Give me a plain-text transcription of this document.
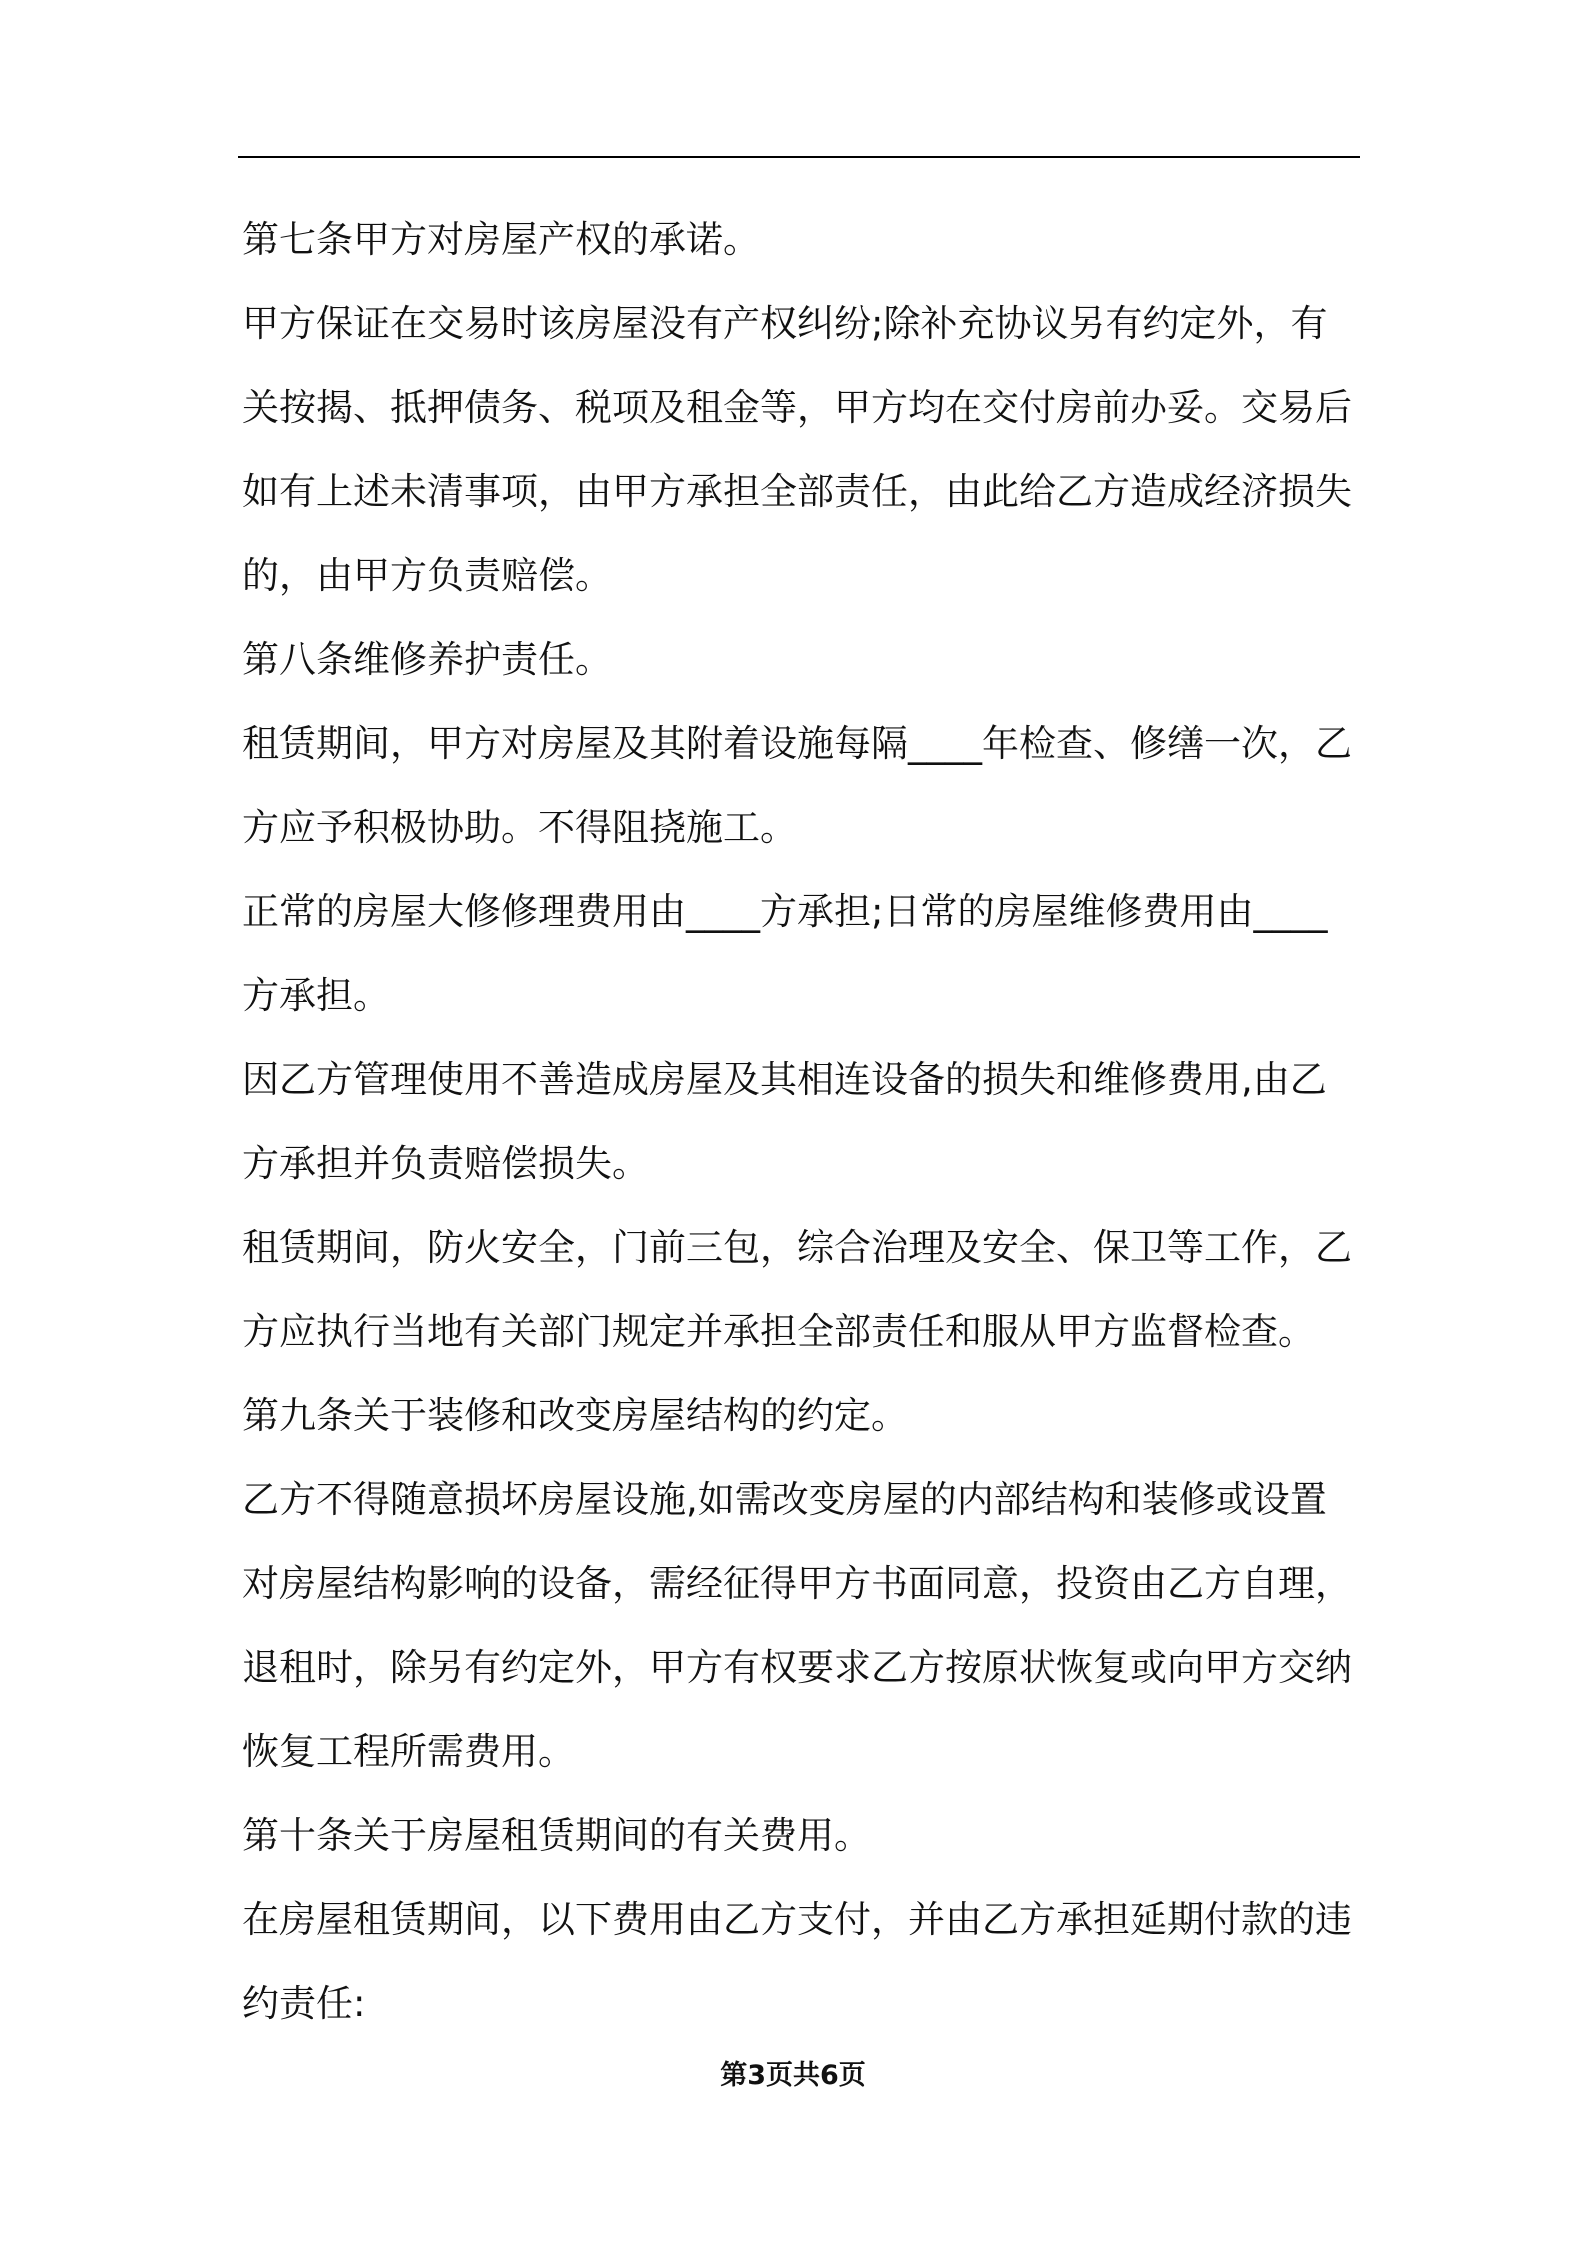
第七条甲方对房屋产权的承诺。

甲方保证在交易时该房屋没有产权纠纷;除补充协议另有约定外，有关按揭、抵押债务、税项及租金等，甲方均在交付房前办妥。交易后如有上述未清事项，由甲方承担全部责任，由此给乙方造成经济损失的，由甲方负责赔偿。

第八条维修养护责任。

租赁期间，甲方对房屋及其附着设施每隔____年检查、修缮一次，乙方应予积极协助。不得阻挠施工。

正常的房屋大修修理费用由____方承担;日常的房屋维修费用由____方承担。

因乙方管理使用不善造成房屋及其相连设备的损失和维修费用,由乙方承担并负责赔偿损失。

租赁期间，防火安全，门前三包，综合治理及安全、保卫等工作，乙方应执行当地有关部门规定并承担全部责任和服从甲方监督检查。

第九条关于装修和改变房屋结构的约定。

乙方不得随意损坏房屋设施,如需改变房屋的内部结构和装修或设置对房屋结构影响的设备，需经征得甲方书面同意，投资由乙方自理，退租时，除另有约定外，甲方有权要求乙方按原状恢复或向甲方交纳恢复工程所需费用。

第十条关于房屋租赁期间的有关费用。

在房屋租赁期间，以下费用由乙方支付，并由乙方承担延期付款的违约责任:

第3页共6页
